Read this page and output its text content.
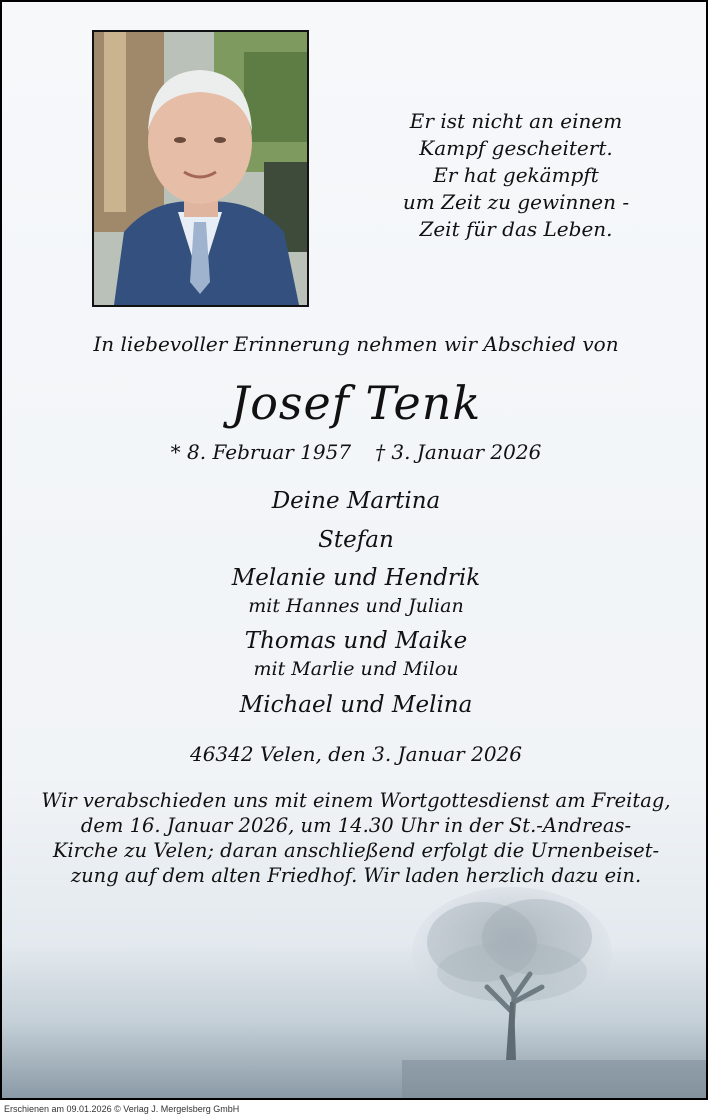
Er ist nicht an einem
Kampf gescheitert.
Er hat gekämpft
um Zeit zu gewinnen -
Zeit für das Leben.
In liebevoller Erinnerung nehmen wir Abschied von
Josef Tenk
* 8. Februar 1957 † 3. Januar 2026
Deine Martina
Stefan
Melanie und Hendrik
mit Hannes und Julian
Thomas und Maike
mit Marlie und Milou
Michael und Melina
46342 Velen, den 3. Januar 2026
Wir verabschieden uns mit einem Wortgottesdienst am Freitag,
dem 16. Januar 2026, um 14.30 Uhr in der St.-Andreas-
Kirche zu Velen; daran anschließend erfolgt die Urnenbeiset-
zung auf dem alten Friedhof. Wir laden herzlich dazu ein.
Erschienen am 09.01.2026 © Verlag J. Mergelsberg GmbH
